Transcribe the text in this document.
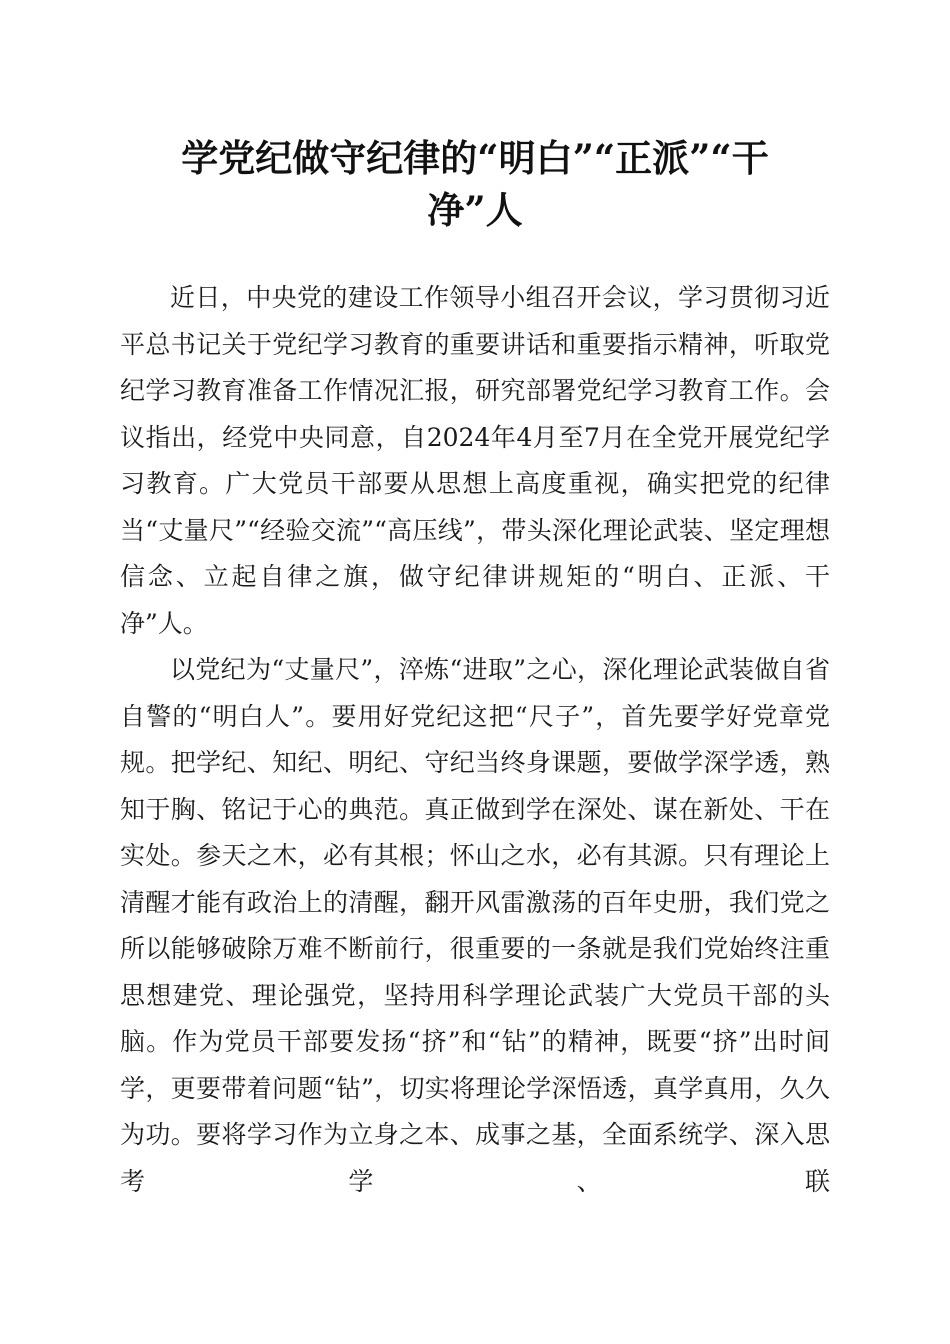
学党纪做守纪律的“明白”“正派”“干
净”人

近日，中央党的建设工作领导小组召开会议，学习贯彻习近平总书记关于党纪学习教育的重要讲话和重要指示精神，听取党纪学习教育准备工作情况汇报，研究部署党纪学习教育工作。会议指出，经党中央同意，自2024年4月至7月在全党开展党纪学习教育。广大党员干部要从思想上高度重视，确实把党的纪律当“丈量尺”“经验交流”“高压线”，带头深化理论武装、坚定理想信念、立起自律之旗，做守纪律讲规矩的“明白、正派、干净”人。

以党纪为“丈量尺”，淬炼“进取”之心，深化理论武装做自省自警的“明白人”。要用好党纪这把“尺子”，首先要学好党章党规。把学纪、知纪、明纪、守纪当终身课题，要做学深学透，熟知于胸、铭记于心的典范。真正做到学在深处、谋在新处、干在实处。参天之木，必有其根；怀山之水，必有其源。只有理论上清醒才能有政治上的清醒，翻开风雷激荡的百年史册，我们党之所以能够破除万难不断前行，很重要的一条就是我们党始终注重思想建党、理论强党，坚持用科学理论武装广大党员干部的头脑。作为党员干部要发扬“挤”和“钻”的精神，既要“挤”出时间学，更要带着问题“钻”，切实将理论学深悟透，真学真用，久久为功。要将学习作为立身之本、成事之基，全面系统学、深入思考学、联
